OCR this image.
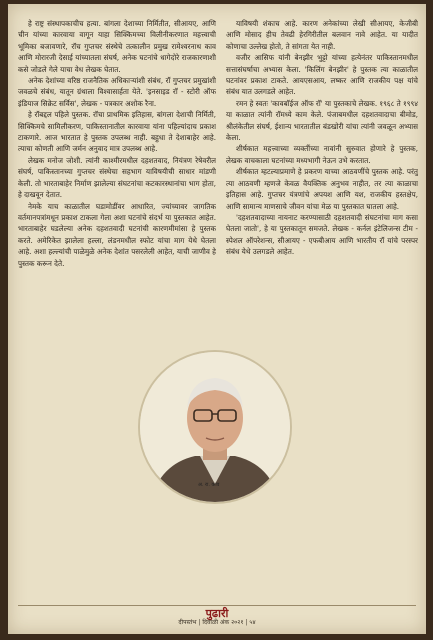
हे राष्ट्र संस्थापकाचीच हत्या. बांगला देशाच्या निर्मितीत, सीआयए, आणि चीन यांच्या कारवाया वागून याहा सिक्किमच्या विलीनीकरणात महत्त्वाची भूमिका बजावणारे, रॉच गुप्तचर संस्थेचे तत्कालीन प्रमुख रामेश्वरनाथ काव आणि मोरारजी देसाई यांच्यातला संघर्ष, अनेक घटनांचे धागेदोरे राजकारणाशी कसे जोडले गेले याचा वेध लेखक घेतात.
अनेक देशांच्या वरिष्ठ राजनैतिक अधिकाऱ्यांशी संबंध, रॉ गुप्तचर प्रमुखांशी जवळचे संबंध, यातून ग्रंथाला विश्वासार्हता येते. 'इनसाइड रॉ - स्टोरी ऑफ इंडियाज सिक्रेट सर्विस', लेखक - पत्रकार अशोक रैना.
हे रॉबद्दल पहिले पुस्तक. रॉचा प्राथमिक इतिहास, बांगला देशाची निर्मिती, सिक्किमचे सामिलीकरण, पाकिस्तानातील कारवाया यांना पहिल्यांदाच प्रकाश टाकणारे. आज भारतात हे पुस्तक उपलब्ध नाही. बहुधा ते देशाबाहेर आहे. त्याचा कोणती आणि जर्मन अनुवाद मात्र उपलब्ध आहे.
लेखक मनोज जोशी. त्यांनी काश्मीरमधील दहशतवाद, नियंत्रण रेषेवरील संघर्ष, पाकिस्तानच्या गुप्तचर संस्थेचा सहभाग याविषयीची साधार मांडणी केली. तो भारताबाहेर निर्माण झालेल्या संघटनांचा कटकारस्थानांचा भाग होता, हे दाखवून देतात.
नेमके याच काळातील घडामोडींवर आधारित, ज्यांच्यावर जागतिक वर्तमानपत्रांमधून प्रकाश टाकला गेला अशा घटनांचे संदर्भ या पुस्तकात आहेत. भारताबाहेर घडलेल्या अनेक दहशतवादी घटनांची कारणमीमांसा हे पुस्तक करते. अमेरिकेत झालेला हल्ला, लंडनमधील स्फोट यांचा माग येथे घेतला आहे. अशा हल्ल्यांची पाळेमुळे अनेक देशांत पसरलेली आहेत, याची जाणीव हे पुस्तक करून देते.
याविषयी शंकाच आहे. कारण अनेकांच्या लेखी सीआयए, केजीबी आणि मोसाद हीच तेवढी हेरगिरीतील बलवान नावे आहेत. या यादीत कोणाचा उल्लेख होतो, ते सांगता येत नाही.
वजीर आसिफ यांनी बेनझीर भुट्टो यांच्या हत्येनंतर पाकिस्तानमधील सत्तासंघर्षाचा अभ्यास केला. 'किलिंग बेनझीर' हे पुस्तक त्या काळातील घटनांवर प्रकाश टाकते. आयएसआय, लष्कर आणि राजकीय पक्ष यांचे संबंध यात उलगडले आहेत.
रमन हे स्वतः 'कावबॉईज ऑफ रॉ' या पुस्तकाचे लेखक. १९६८ ते १९९४ या काळात त्यांनी रॉमध्ये काम केले. पंजाबमधील दहशतवादाचा बीमोड, श्रीलंकेतील संघर्ष, ईशान्य भारतातील बंडखोरी यांचा त्यांनी जवळून अभ्यास केला.
शीर्षकात महत्त्वाच्या व्यक्तींच्या नावांनी सुरुवात होणारे हे पुस्तक, लेखक वाचकाला घटनांच्या मध्यभागी नेऊन उभे करतात.
शीर्षकात म्हटल्याप्रमाणे हे प्रकरण याच्या आठवणींचे पुस्तक आहे. परंतु त्या आठवणी म्हणजे केवळ वैयक्तिक अनुभव नाहीत, तर त्या काळाचा इतिहास आहे. गुप्तचर यंत्रणांचे अपयश आणि यश, राजकीय हस्तक्षेप, आणि सामान्य माणसाचे जीवन यांचा मेळ या पुस्तकात घातला आहे.
'दहशतवादाच्या नायनाट करण्यासाठी दहशतवादी संघटनांचा माग कसा घेतला जातो', हे या पुस्तकातून समजते. लेखक - कर्नल इंटेलिजन्स टीम - स्पेशल ऑपरेशन्स, सीआयए - एफबीआय आणि भारतीय रॉ यांचे परस्पर संबंध येथे उलगडले आहेत.
अ. रा. काव
पुढारी
दीपस्तंभ | दिवाळी अंक २०२१ | ५४
